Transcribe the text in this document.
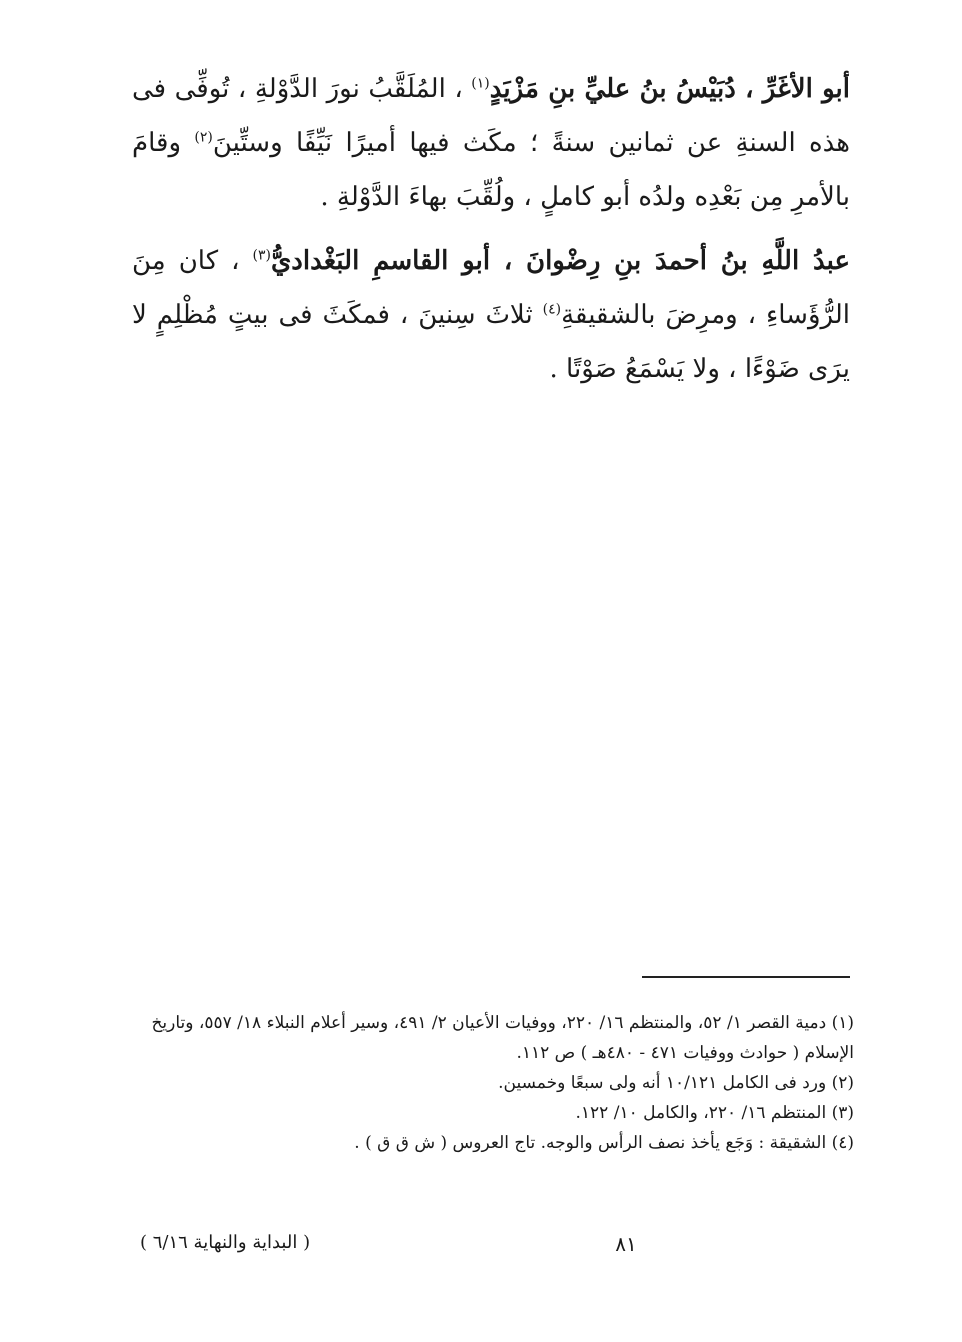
أبو الأغَرِّ ، دُبَيْسُ بنُ عليِّ بنِ مَزْيَدٍ$^{(١)}$ ، المُلَقَّبُ نورَ الدَّوْلةِ ، تُوفِّى فى هذه السنةِ عن ثمانين سنةً ؛ مكَث فيها أميرًا نَيِّفًا وستِّينَ$^{(٢)}$ وقامَ بالأمرِ مِن بَعْدِه ولدُه أبو كاملٍ ، ولُقِّبَ بهاءَ الدَّوْلةِ .

عبدُ اللَّهِ بنُ أحمدَ بنِ رِضْوانَ ، أبو القاسمِ البَغْداديُّ$^{(٣)}$ ، كان مِنَ الرُّؤَساءِ ، ومرِضَ بالشقيقةِ$^{(٤)}$ ثلاثَ سِنينَ ، فمكَثَ فى بيتٍ مُظْلِمٍ لا يرَى ضَوْءًا ، ولا يَسْمَعُ صَوْتًا .

(١) دمية القصر ١/ ٥٢، والمنتظم ١٦/ ٢٢٠، ووفيات الأعيان ٢/ ٤٩١، وسير أعلام النبلاء ١٨/ ٥٥٧، وتاريخ الإسلام ( حوادث ووفيات ٤٧١ - ٤٨٠هـ ) ص ١١٢.

(٢) ورد فى الكامل ١٠/١٢١ أنه ولى سبعًا وخمسين.

(٣) المنتظم ١٦/ ٢٢٠، والكامل ١٠/ ١٢٢.

(٤) الشقيقة : وَجَع يأخذ نصف الرأس والوجه. تاج العروس ( ش ق ق ) .

( البداية والنهاية ٦/١٦ )	٨١
